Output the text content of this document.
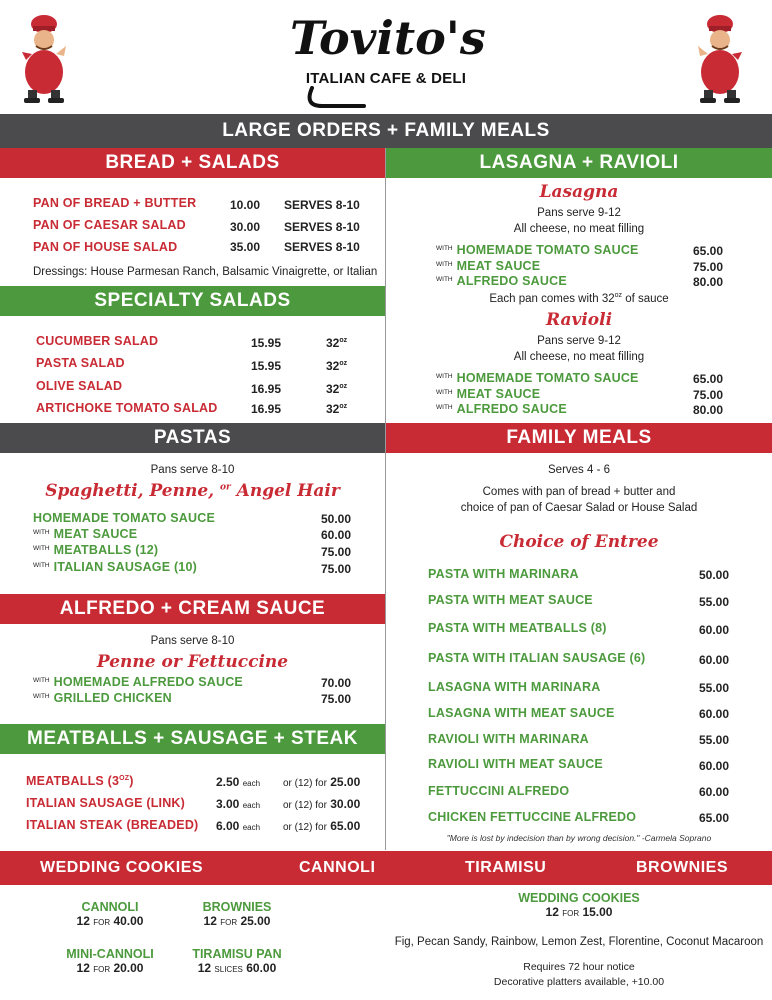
Tovito's
ITALIAN CAFE & DELI
LARGE ORDERS + FAMILY MEALS
BREAD + SALADS
PAN OF BREAD + BUTTER	10.00 SERVES 8-10
PAN OF CAESAR SALAD	30.00 SERVES 8-10
PAN OF HOUSE SALAD	35.00 SERVES 8-10
Dressings: House Parmesan Ranch, Balsamic Vinaigrette, or Italian
SPECIALTY SALADS
CUCUMBER SALAD	15.95	$32^{oz}$
PASTA SALAD	15.95	$32^{oz}$
OLIVE SALAD	16.95	$32^{oz}$
ARTICHOKE TOMATO SALAD	16.95	$32^{oz}$
LASAGNA + RAVIOLI
Lasagna
Pans serve 9-12
All cheese, no meat filling
$^{WITH}$ HOMEMADE TOMATO SAUCE	65.00
$^{WITH}$ MEAT SAUCE	75.00
$^{WITH}$ ALFREDO SAUCE	80.00
Each pan comes with $32^{oz}$ of sauce
Ravioli
Pans serve 9-12
All cheese, no meat filling
$^{WITH}$ HOMEMADE TOMATO SAUCE	65.00
$^{WITH}$ MEAT SAUCE	75.00
$^{WITH}$ ALFREDO SAUCE	80.00
PASTAS
Pans serve 8-10
Spaghetti, Penne, $^{or}$ Angel Hair
HOMEMADE TOMATO SAUCE	50.00
$^{WITH}$ MEAT SAUCE	60.00
$^{WITH}$ MEATBALLS (12)	75.00
$^{WITH}$ ITALIAN SAUSAGE (10)	75.00
ALFREDO + CREAM SAUCE
Pans serve 8-10
Penne or Fettuccine
$^{WITH}$ HOMEMADE ALFREDO SAUCE	70.00
$^{WITH}$ GRILLED CHICKEN	75.00
MEATBALLS + SAUSAGE + STEAK
MEATBALLS $(3^{OZ})$	2.50 each or (12) for 25.00
ITALIAN SAUSAGE (LINK)	3.00 each or (12) for 30.00
ITALIAN STEAK (BREADED) 6.00 each or (12) for 65.00
FAMILY MEALS
Serves 4 - 6
Comes with pan of bread + butter and
choice of pan of Caesar Salad or House Salad
Choice of Entree
PASTA WITH MARINARA	50.00
PASTA WITH MEAT SAUCE	55.00
PASTA WITH MEATBALLS (8)	60.00
PASTA WITH ITALIAN SAUSAGE (6)	60.00
LASAGNA WITH MARINARA	55.00
LASAGNA WITH MEAT SAUCE	60.00
RAVIOLI WITH MARINARA	55.00
RAVIOLI WITH MEAT SAUCE	60.00
FETTUCCINI ALFREDO	60.00
CHICKEN FETTUCCINE ALFREDO	65.00
"More is lost by indecision than by wrong decision." -Carmela Soprano
WEDDING COOKIES	CANNOLI	TIRAMISU	BROWNIES
CANNOLI
12 FOR 40.00
BROWNIES
12 FOR 25.00
MINI-CANNOLI
12 FOR 20.00
TIRAMISU PAN
12 SLICES 60.00
WEDDING COOKIES
12 FOR 15.00
Fig, Pecan Sandy, Rainbow, Lemon Zest, Florentine, Coconut Macaroon
Requires 72 hour notice
Decorative platters available, +10.00
